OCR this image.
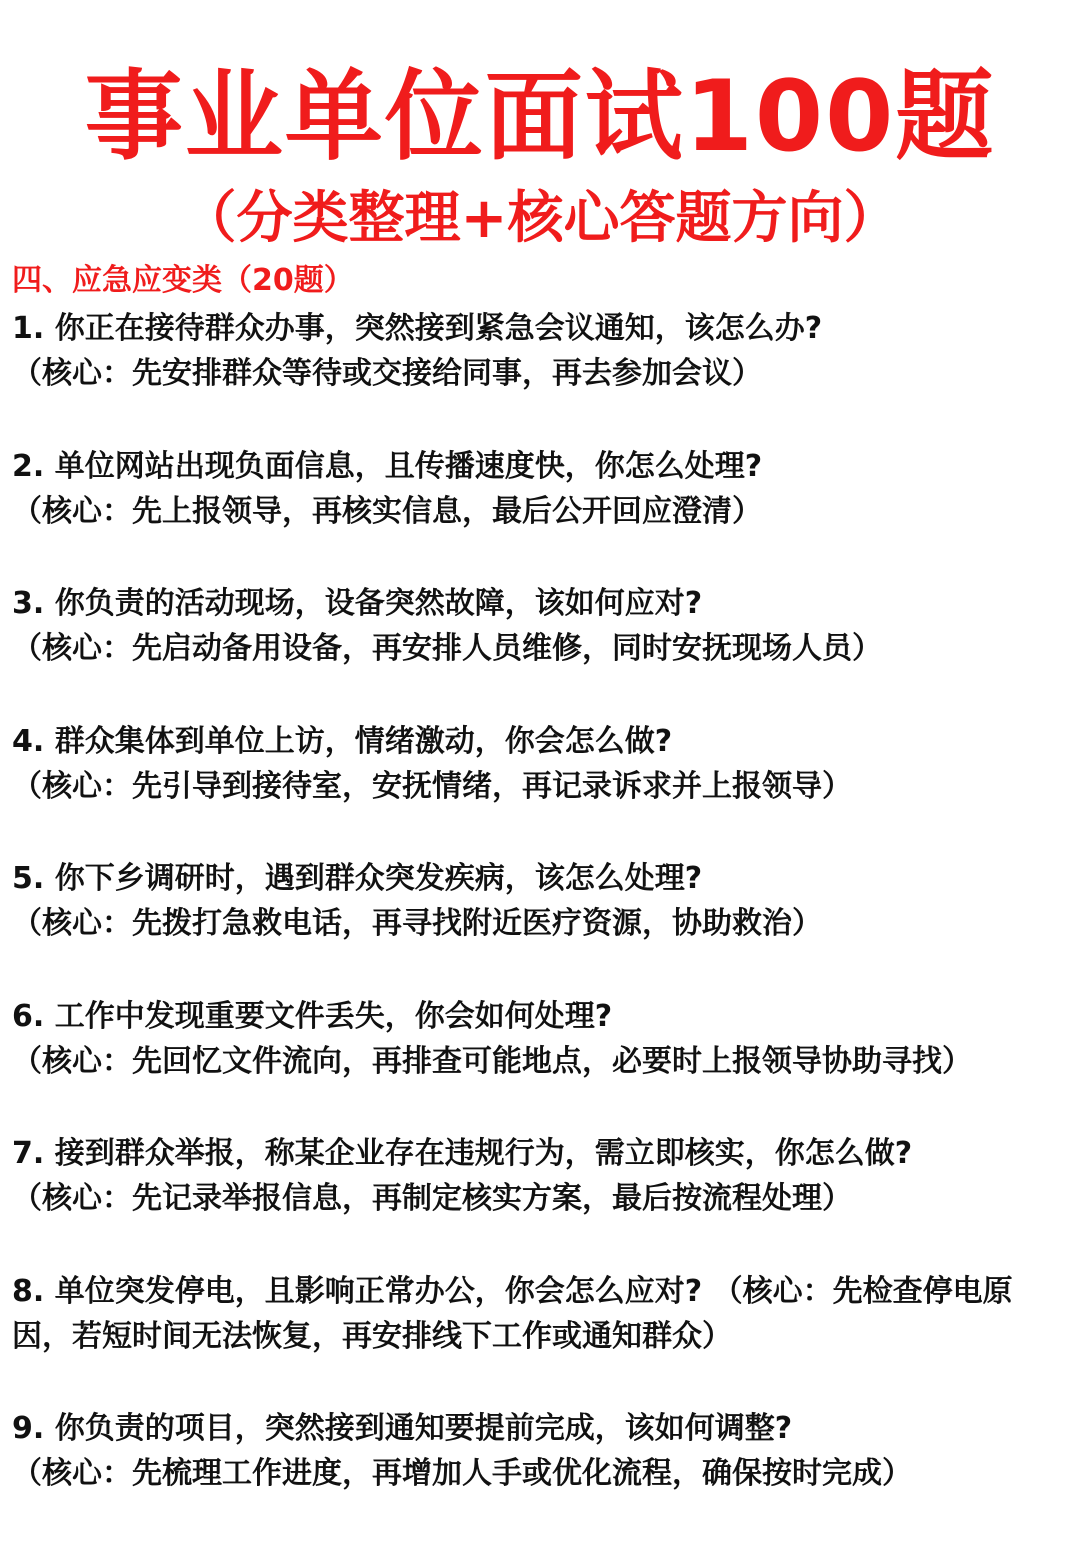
事业单位面试100题
（分类整理+核心答题方向）
四、应急应变类（20题）
1. 你正在接待群众办事，突然接到紧急会议通知，该怎么办?
（核心：先安排群众等待或交接给同事，再去参加会议）
2. 单位网站出现负面信息，且传播速度快，你怎么处理?
（核心：先上报领导，再核实信息，最后公开回应澄清）
3. 你负责的活动现场，设备突然故障，该如何应对?
（核心：先启动备用设备，再安排人员维修，同时安抚现场人员）
4. 群众集体到单位上访，情绪激动，你会怎么做?
（核心：先引导到接待室，安抚情绪，再记录诉求并上报领导）
5. 你下乡调研时，遇到群众突发疾病，该怎么处理?
（核心：先拨打急救电话，再寻找附近医疗资源，协助救治）
6. 工作中发现重要文件丢失，你会如何处理?
（核心：先回忆文件流向，再排查可能地点，必要时上报领导协助寻找）
7. 接到群众举报，称某企业存在违规行为，需立即核实，你怎么做?
（核心：先记录举报信息，再制定核实方案，最后按流程处理）
8. 单位突发停电，且影响正常办公，你会怎么应对? （核心：先检查停电原因，若短时间无法恢复，再安排线下工作或通知群众）
9. 你负责的项目，突然接到通知要提前完成，该如何调整?
（核心：先梳理工作进度，再增加人手或优化流程，确保按时完成）
